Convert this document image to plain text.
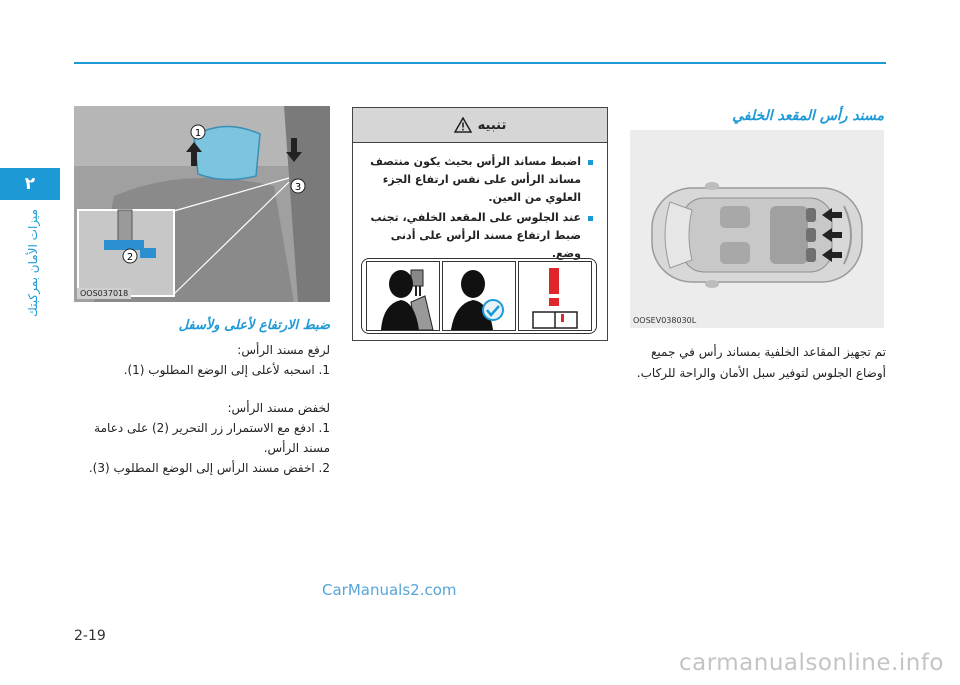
٢
ميزات الأمان بمركبتك
مسند رأس المقعد الخلفي
OOSEV038030L
تم تجهيز المقاعد الخلفية بمساند رأس في جميع أوضاع الجلوس لتوفير سبل الأمان والراحة للركاب.
تنبيه
اضبط مساند الرأس بحيث يكون منتصف مساند الرأس على نفس ارتفاع الجزء العلوي من العين.
عند الجلوس على المقعد الخلفي، تجنب ضبط ارتفاع مسند الرأس على أدنى وضع.
1
3
2
OOS037018
ضبط الارتفاع لأعلى ولأسفل

لرفع مسند الرأس:

1. اسحبه لأعلى إلى الوضع المطلوب (1).

لخفض مسند الرأس:

1. ادفع مع الاستمرار زر التحرير (2) على دعامة مسند الرأس.

2. اخفض مسند الرأس إلى الوضع المطلوب (3).

CarManuals2.com
2-19
carmanualsonline.info
